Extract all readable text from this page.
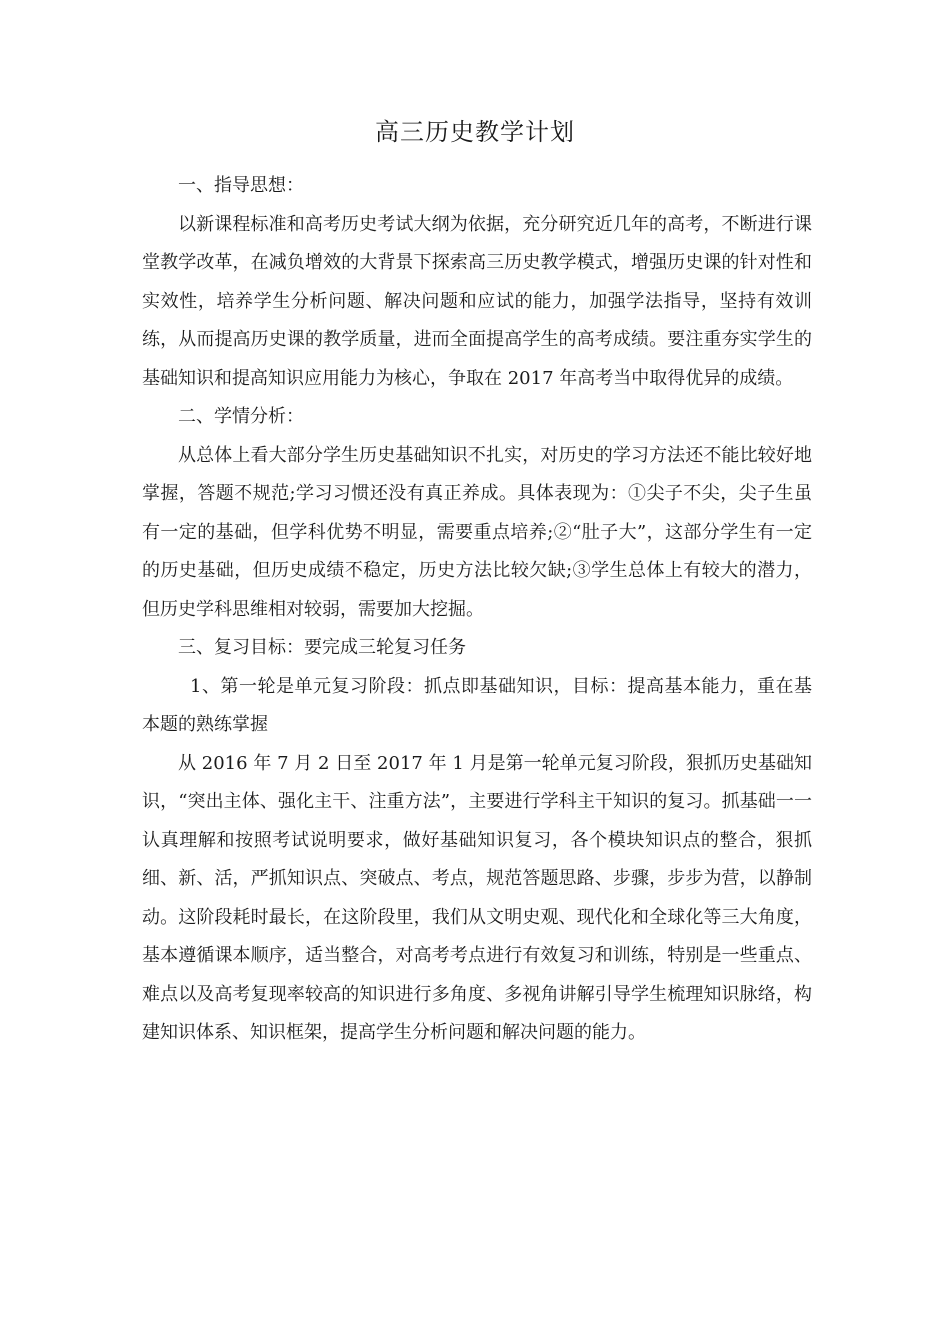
高三历史教学计划

一、指导思想：

以新课程标准和高考历史考试大纲为依据，充分研究近几年的高考，不断进行课堂教学改革，在减负增效的大背景下探索高三历史教学模式，增强历史课的针对性和实效性，培养学生分析问题、解决问题和应试的能力，加强学法指导，坚持有效训练，从而提高历史课的教学质量，进而全面提高学生的高考成绩。要注重夯实学生的基础知识和提高知识应用能力为核心，争取在 2017 年高考当中取得优异的成绩。

二、学情分析：

从总体上看大部分学生历史基础知识不扎实，对历史的学习方法还不能比较好地掌握，答题不规范;学习习惯还没有真正养成。具体表现为：①尖子不尖，尖子生虽有一定的基础，但学科优势不明显，需要重点培养;②“肚子大”，这部分学生有一定的历史基础，但历史成绩不稳定，历史方法比较欠缺;③学生总体上有较大的潜力，但历史学科思维相对较弱，需要加大挖掘。

三、复习目标：要完成三轮复习任务

1、第一轮是单元复习阶段：抓点即基础知识，目标：提高基本能力，重在基本题的熟练掌握

从 2016 年 7 月 2 日至 2017 年 1 月是第一轮单元复习阶段，狠抓历史基础知识，“突出主体、强化主干、注重方法”，主要进行学科主干知识的复习。抓基础一一认真理解和按照考试说明要求，做好基础知识复习，各个模块知识点的整合，狠抓细、新、活，严抓知识点、突破点、考点，规范答题思路、步骤，步步为营，以静制动。这阶段耗时最长，在这阶段里，我们从文明史观、现代化和全球化等三大角度，基本遵循课本顺序，适当整合，对高考考点进行有效复习和训练，特别是一些重点、难点以及高考复现率较高的知识进行多角度、多视角讲解引导学生梳理知识脉络，构建知识体系、知识框架，提高学生分析问题和解决问题的能力。
